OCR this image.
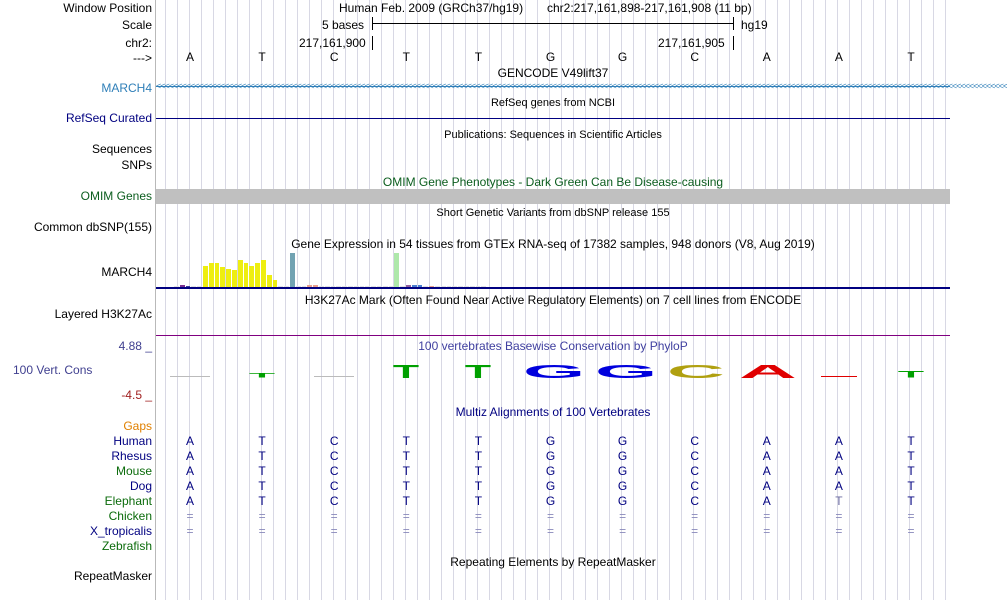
Window Position
Scale
chr2:
--->
Human Feb. 2009 (GRCh37/hg19) chr2:217,161,898-217,161,908 (11 bp)
5 bases	hg19
217,161,900	217,161,905
A	T	C	T	T	G	G	C	A	A	T
GENCODE V49lift37
MARCH4 <<<<<<<<<<<<<<<<<<<<<<<<<<<<<<<<<<<<<<<<<<<<<<<<<<<<<<<<<<<<<<<<<<<<<<<<<<<<<<<<<<<<<<<<<<<<<<<<<<<<<<<<<<<<<<<<<<<<<<<<<<<<<<<<<<<<<<<<<<<<<<<<<<<<<<<<<<<<<<<<<<<<<<<<<<<<<<<<<<<<<<<<<<<<<<<<<<<<<<<<
RefSeq genes from NCBI
RefSeq Curated
Publications: Sequences in Scientific Articles
Sequences
SNPs
OMIM Gene Phenotypes - Dark Green Can Be Disease-causing
OMIM Genes
Short Genetic Variants from dbSNP release 155
Common dbSNP(155)
Gene Expression in 54 tissues from GTEx RNA-seq of 17382 samples, 948 donors (V8, Aug 2019)
MARCH4
H3K27Ac Mark (Often Found Near Active Regulatory Elements) on 7 cell lines from ENCODE
Layered H3K27Ac
100 vertebrates Basewise Conservation by PhyloP
4.88 _
100 Vert. Cons
-4.5 _
T	T T G G C A	T
Multiz Alignments of 100 Vertebrates
Gaps
Human	A	T	C	T	T	G	G	C	A	A	T
Rhesus	A	T	C	T	T	G	G	C	A	A	T
Mouse	A	T	C	T	T	G	G	C	A	A	T
Dog	A	T	C	T	T	G	G	C	A	A	T
Elephant	A	T	C	T	T	G	G	C	A	T	T
Chicken	=	=	=	=	=	=	=	=	=	=	=
X_tropicalis	=	=	=	=	=	=	=	=	=	=	=
Zebrafish
Repeating Elements by RepeatMasker
RepeatMasker
